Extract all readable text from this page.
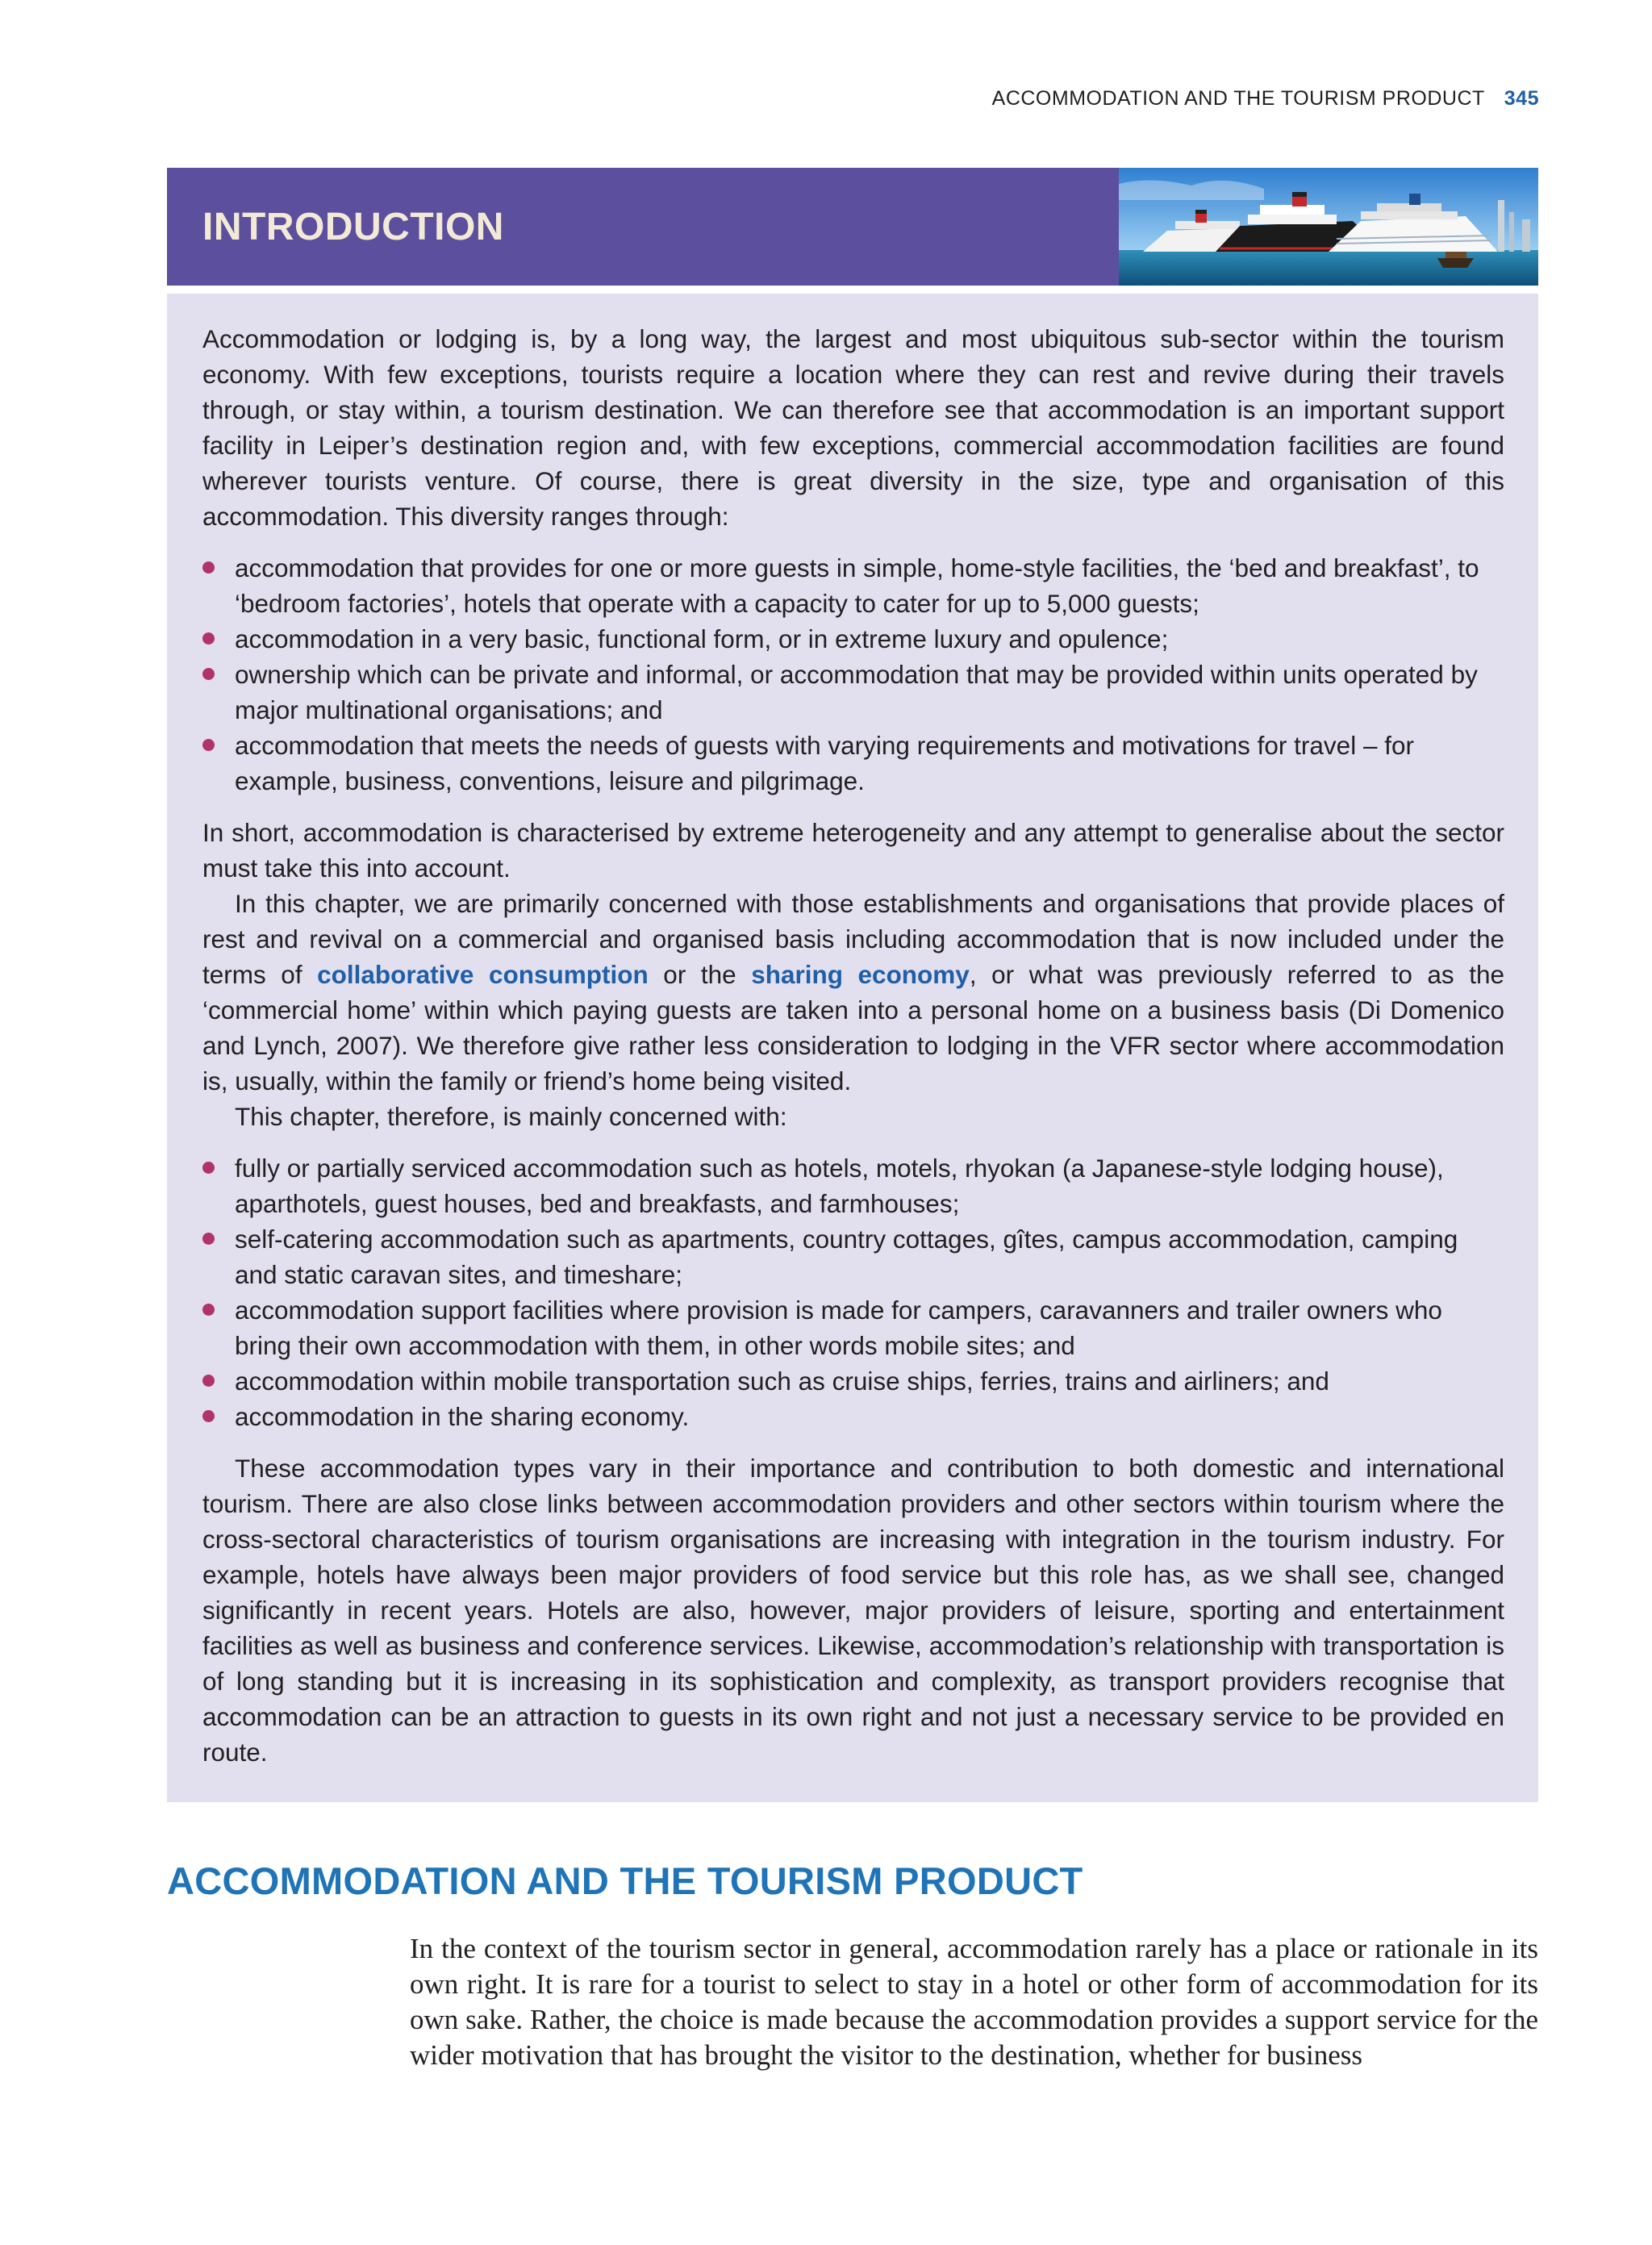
ACCOMMODATION AND THE TOURISM PRODUCT 345
INTRODUCTION

Accommodation or lodging is, by a long way, the largest and most ubiquitous sub-sector within the tourism economy. With few exceptions, tourists require a location where they can rest and revive during their travels through, or stay within, a tourism destination. We can therefore see that accommodation is an important support facility in Leiper’s destination region and, with few exceptions, commercial accommodation facilities are found wherever tourists venture. Of course, there is great diversity in the size, type and organisation of this accommodation. This diversity ranges through:

accommodation that provides for one or more guests in simple, home-style facilities, the ‘bed and breakfast’, to ‘bedroom factories’, hotels that operate with a capacity to cater for up to 5,000 guests;
accommodation in a very basic, functional form, or in extreme luxury and opulence;
ownership which can be private and informal, or accommodation that may be provided within units operated by major multinational organisations; and
accommodation that meets the needs of guests with varying requirements and motivations for travel – for example, business, conventions, leisure and pilgrimage.

In short, accommodation is characterised by extreme heterogeneity and any attempt to generalise about the sector must take this into account.

In this chapter, we are primarily concerned with those establishments and organisations that provide places of rest and revival on a commercial and organised basis including accommodation that is now included under the terms of collaborative consumption or the sharing economy, or what was previously referred to as the ‘commercial home’ within which paying guests are taken into a personal home on a business basis (Di Domenico and Lynch, 2007). We therefore give rather less consideration to lodging in the VFR sector where accommodation is, usually, within the family or friend’s home being visited.

This chapter, therefore, is mainly concerned with:

fully or partially serviced accommodation such as hotels, motels, rhyokan (a Japanese-style lodging house), aparthotels, guest houses, bed and breakfasts, and farmhouses;
self-catering accommodation such as apartments, country cottages, gîtes, campus accommodation, camping and static caravan sites, and timeshare;
accommodation support facilities where provision is made for campers, caravanners and trailer owners who bring their own accommodation with them, in other words mobile sites; and
accommodation within mobile transportation such as cruise ships, ferries, trains and airliners; and
accommodation in the sharing economy.

These accommodation types vary in their importance and contribution to both domestic and international tourism. There are also close links between accommodation providers and other sectors within tourism where the cross-sectoral characteristics of tourism organisations are increasing with integration in the tourism industry. For example, hotels have always been major providers of food service but this role has, as we shall see, changed significantly in recent years. Hotels are also, however, major providers of leisure, sporting and entertainment facilities as well as business and conference services. Likewise, accommodation’s relationship with transportation is of long standing but it is increasing in its sophistication and complexity, as transport providers recognise that accommodation can be an attraction to guests in its own right and not just a necessary service to be provided en route.

ACCOMMODATION AND THE TOURISM PRODUCT

In the context of the tourism sector in general, accommodation rarely has a place or rationale in its own right. It is rare for a tourist to select to stay in a hotel or other form of accommodation for its own sake. Rather, the choice is made because the accommodation provides a support service for the wider motivation that has brought the visitor to the destination, whether for business
